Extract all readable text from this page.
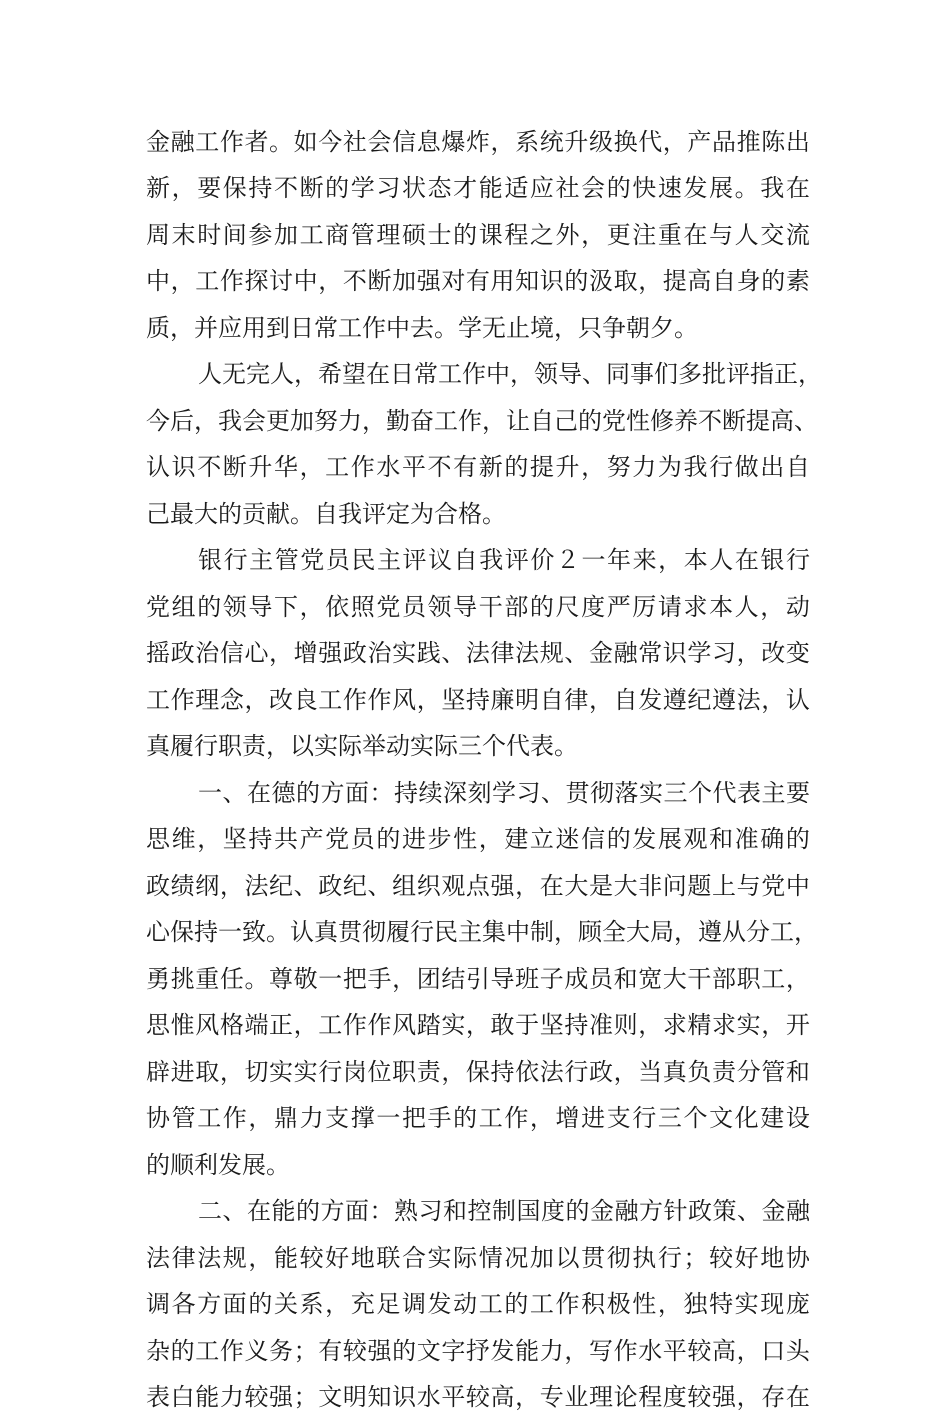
金 融 工 作 者 。 如 今 社 会 信 息 爆 炸 ， 系 统 升 级 换 代 ， 产 品 推 陈 出
新 ， 要 保 持 不 断 的 学 习 状 态 才 能 适 应 社 会 的 快 速 发 展 。 我 在
周 末 时 间 参 加 工 商 管 理 硕 士 的 课 程 之 外 ， 更 注 重 在 与 人 交 流
中 ， 工 作 探 讨 中 ， 不 断 加 强 对 有 用 知 识 的 汲 取 ， 提 高 自 身 的 素
质 ， 并 应 用 到 日 常 工 作 中 去 。 学 无 止 境 ， 只 争 朝 夕 。
人 无 完 人 ， 希 望 在 日 常 工 作 中 ， 领 导 、 同 事 们 多 批 评 指 正 ，
今 后 ， 我 会 更 加 努 力 ， 勤 奋 工 作 ， 让 自 己 的 党 性 修 养 不 断 提 高 、
认 识 不 断 升 华 ， 工 作 水 平 不 有 新 的 提 升 ， 努 力 为 我 行 做 出 自
己 最 大 的 贡 献 。 自 我 评 定 为 合 格 。
银 行 主 管 党 员 民 主 评 议 自 我 评 价 ２ 一 年 来 ， 本 人 在 银 行
党 组 的 领 导 下 ， 依 照 党 员 领 导 干 部 的 尺 度 严 厉 请 求 本 人 ， 动
摇 政 治 信 心 ， 增 强 政 治 实 践 、 法 律 法 规 、 金 融 常 识 学 习 ， 改 变
工 作 理 念 ， 改 良 工 作 作 风 ， 坚 持 廉 明 自 律 ， 自 发 遵 纪 遵 法 ， 认
真 履 行 职 责 ， 以 实 际 举 动 实 际 三 个 代 表 。
一 、 在 德 的 方 面 ： 持 续 深 刻 学 习 、 贯 彻 落 实 三 个 代 表 主 要
思 维 ， 坚 持 共 产 党 员 的 进 步 性 ， 建 立 迷 信 的 发 展 观 和 准 确 的
政 绩 纲 ， 法 纪 、 政 纪 、 组 织 观 点 强 ， 在 大 是 大 非 问 题 上 与 党 中
心 保 持 一 致 。 认 真 贯 彻 履 行 民 主 集 中 制 ， 顾 全 大 局 ， 遵 从 分 工 ，
勇 挑 重 任 。 尊 敬 一 把 手 ， 团 结 引 导 班 子 成 员 和 宽 大 干 部 职 工 ，
思 惟 风 格 端 正 ， 工 作 作 风 踏 实 ， 敢 于 坚 持 准 则 ， 求 精 求 实 ， 开
辟 进 取 ， 切 实 实 行 岗 位 职 责 ， 保 持 依 法 行 政 ， 当 真 负 责 分 管 和
协 管 工 作 ， 鼎 力 支 撑 一 把 手 的 工 作 ， 增 进 支 行 三 个 文 化 建 设
的 顺 利 发 展 。
二 、 在 能 的 方 面 ： 熟 习 和 控 制 国 度 的 金 融 方 针 政 策 、 金 融
法 律 法 规 ， 能 较 好 地 联 合 实 际 情 况 加 以 贯 彻 执 行 ； 较 好 地 协
调 各 方 面 的 关 系 ， 充 足 调 发 动 工 的 工 作 积 极 性 ， 独 特 实 现 庞
杂 的 工 作 义 务 ； 有 较 强 的 文 字 抒 发 能 力 ， 写 作 水 平 较 高 ， 口 头
表 白 能 力 较 强 ； 文 明 知 识 水 平 较 高 ， 专 业 理 论 程 度 较 强 ， 存 在
